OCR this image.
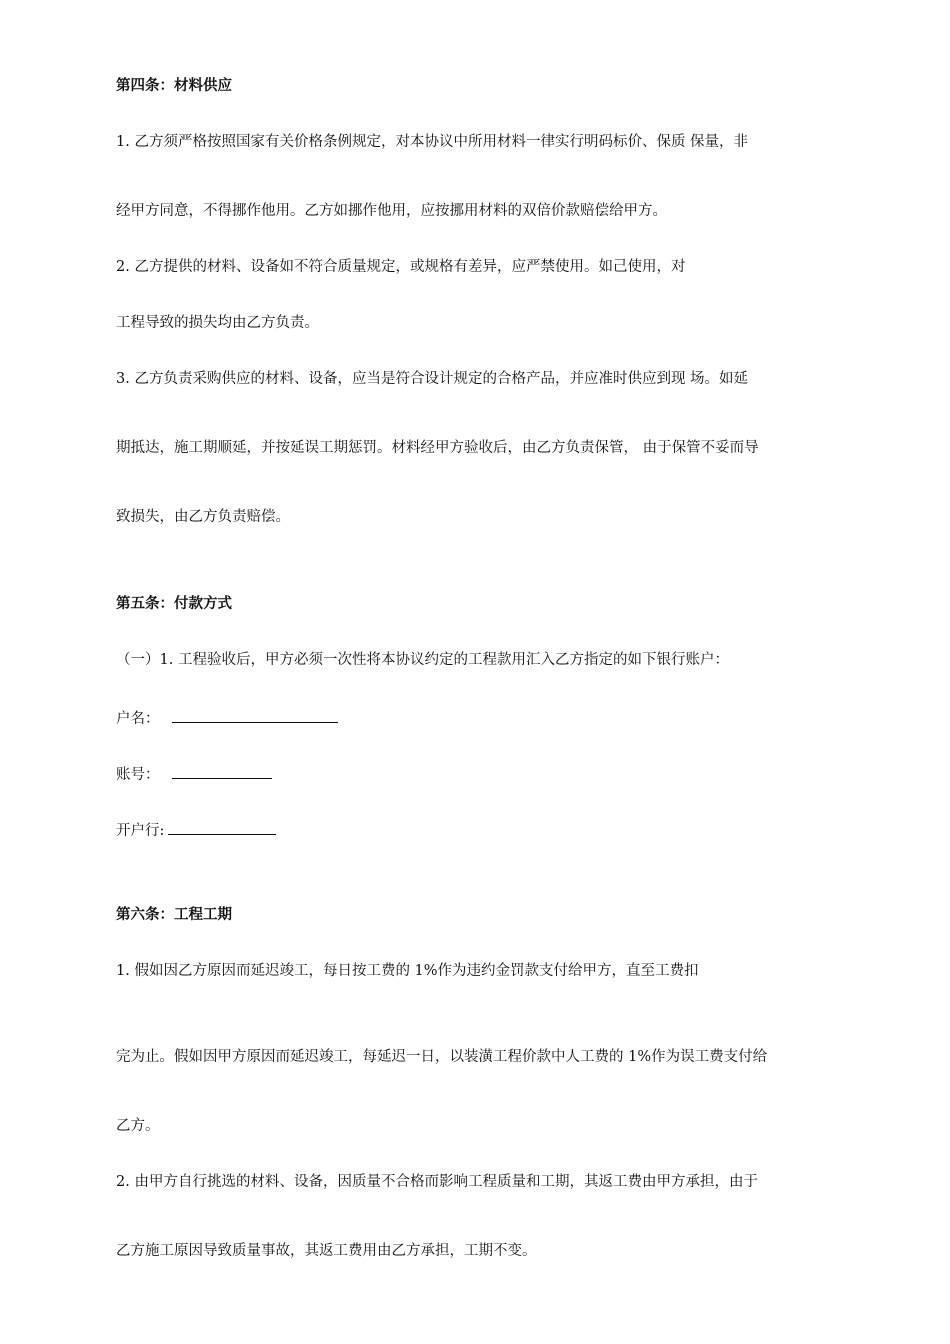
第四条：材料供应
1. 乙方须严格按照国家有关价格条例规定，对本协议中所用材料一律实行明码标价、保质 保量，非
经甲方同意，不得挪作他用。乙方如挪作他用，应按挪用材料的双倍价款赔偿给甲方。
2. 乙方提供的材料、设备如不符合质量规定，或规格有差异，应严禁使用。如己使用，对
工程导致的损失均由乙方负责。
3. 乙方负责采购供应的材料、设备，应当是符合设计规定的合格产品，并应准时供应到现 场。如延
期抵达，施工期顺延，并按延误工期惩罚。材料经甲方验收后，由乙方负责保管， 由于保管不妥而导
致损失，由乙方负责赔偿。
第五条：付款方式
（一）1. 工程验收后，甲方必须一次性将本协议约定的工程款用汇入乙方指定的如下银行账户：
户名：
账号：
开户行:
第六条：工程工期
1. 假如因乙方原因而延迟竣工，每日按工费的 1%作为违约金罚款支付给甲方，直至工费扣
完为止。假如因甲方原因而延迟竣工，每延迟一日，以装潢工程价款中人工费的 1%作为误工费支付给
乙方。
2. 由甲方自行挑选的材料、设备，因质量不合格而影响工程质量和工期，其返工费由甲方承担，由于
乙方施工原因导致质量事故，其返工费用由乙方承担，工期不变。
